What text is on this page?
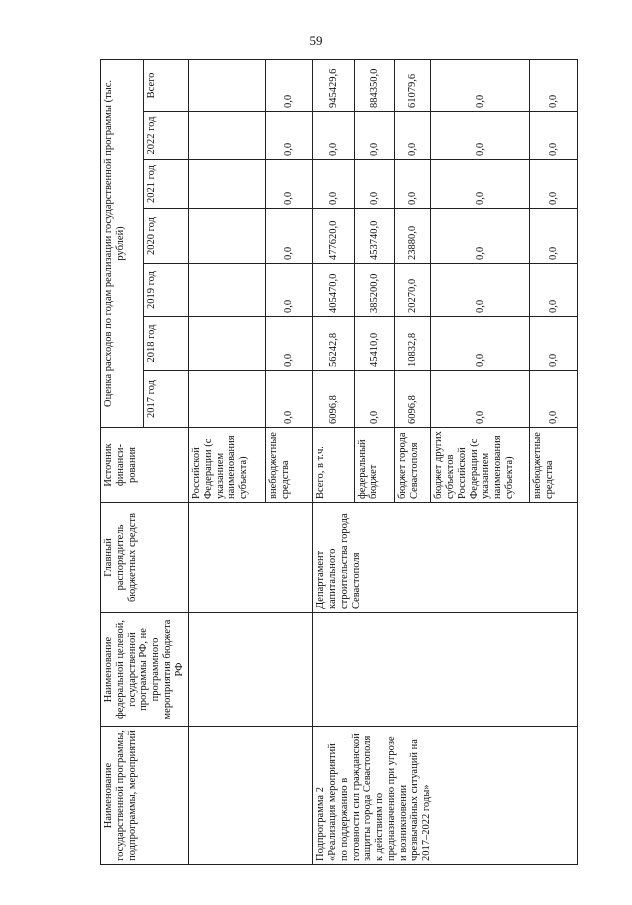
59
Наименование государственной программы, подпрограммы, мероприятий	Наименование федеральной целевой, государственной программы РФ, не программного мероприятия бюджета РФ	Главный распорядитель бюджетных средств	Источник финанси-рования	Оценка расходов по годам реализации государственной программы (тыс. рублей)						
				2017 год	2018 год	2019 год	2020 год	2021 год	2022 год	Всего
			Российской Федерации (с указанием наименования субъекта)							
			внебюджетные средства	0,0	0,0	0,0	0,0	0,0	0,0	0,0
Подпрограмма 2 «Реализация мероприятий по поддержанию в готовности сил гражданской защиты города Севастополя к действиям по предназначению при угрозе и возникновении чрезвычайных ситуаций на 2017–2022 годы»		Департамент капитального строительства города Севастополя	Всего, в т.ч.	6096,8	56242,8	405470,0	477620,0	0,0	0,0	945429,6
			федеральный бюджет	0,0	45410,0	385200,0	453740,0	0,0	0,0	884350,0
			бюджет города Севастополя	6096,8	10832,8	20270,0	23880,0	0,0	0,0	61079,6
			бюджет других субъектов Российской Федерации (с указанием наименования субъекта)	0,0	0,0	0,0	0,0	0,0	0,0	0,0
			внебюджетные средства	0,0	0,0	0,0	0,0	0,0	0,0	0,0
